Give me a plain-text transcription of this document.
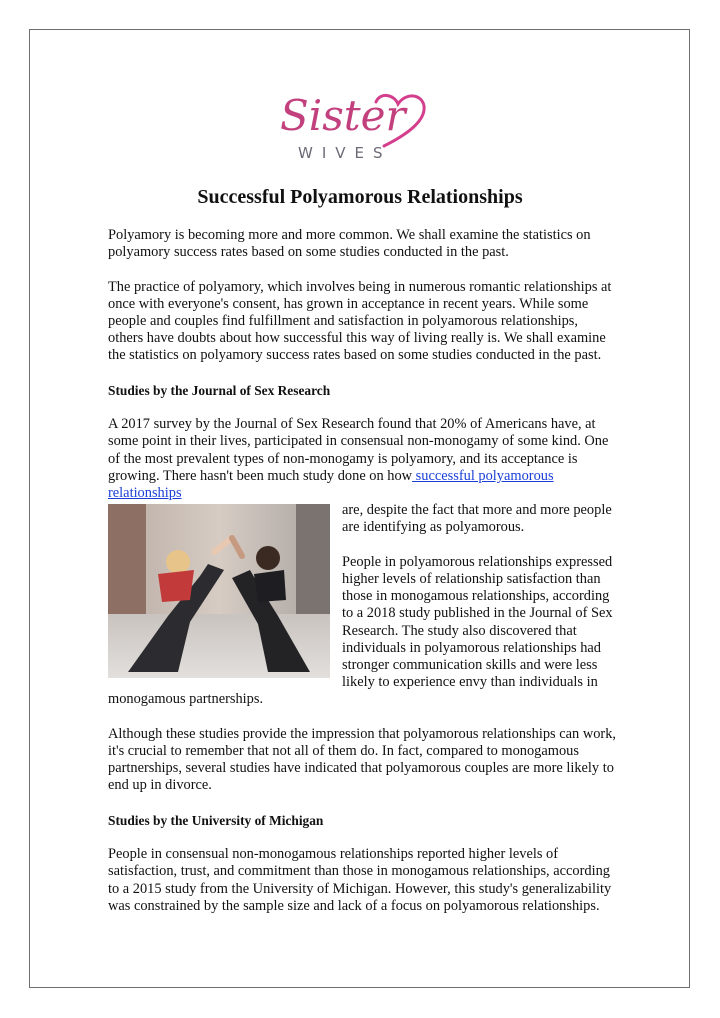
Sister
WIVES
Successful Polyamorous Relationships

Polyamory is becoming more and more common. We shall examine the statistics on polyamory success rates based on some studies conducted in the past.

The practice of polyamory, which involves being in numerous romantic relationships at once with everyone's consent, has grown in acceptance in recent years. While some people and couples find fulfillment and satisfaction in polyamorous relationships, others have doubts about how successful this way of living really is. We shall examine the statistics on polyamory success rates based on some studies conducted in the past.

Studies by the Journal of Sex Research

A 2017 survey by the Journal of Sex Research found that 20% of Americans have, at some point in their lives, participated in consensual non-monogamy of some kind. One of the most prevalent types of non-monogamy is polyamory, and its acceptance is growing. There hasn't been much study done on how successful polyamorous relationships

are, despite the fact that more and more people are identifying as polyamorous.

People in polyamorous relationships expressed higher levels of relationship satisfaction than those in monogamous relationships, according to a 2018 study published in the Journal of Sex Research. The study also discovered that individuals in polyamorous relationships had stronger communication skills and were less likely to experience envy than individuals in monogamous partnerships.

Although these studies provide the impression that polyamorous relationships can work, it's crucial to remember that not all of them do. In fact, compared to monogamous partnerships, several studies have indicated that polyamorous couples are more likely to end up in divorce.

Studies by the University of Michigan

People in consensual non-monogamous relationships reported higher levels of satisfaction, trust, and commitment than those in monogamous relationships, according to a 2015 study from the University of Michigan. However, this study's generalizability was constrained by the sample size and lack of a focus on polyamorous relationships.
